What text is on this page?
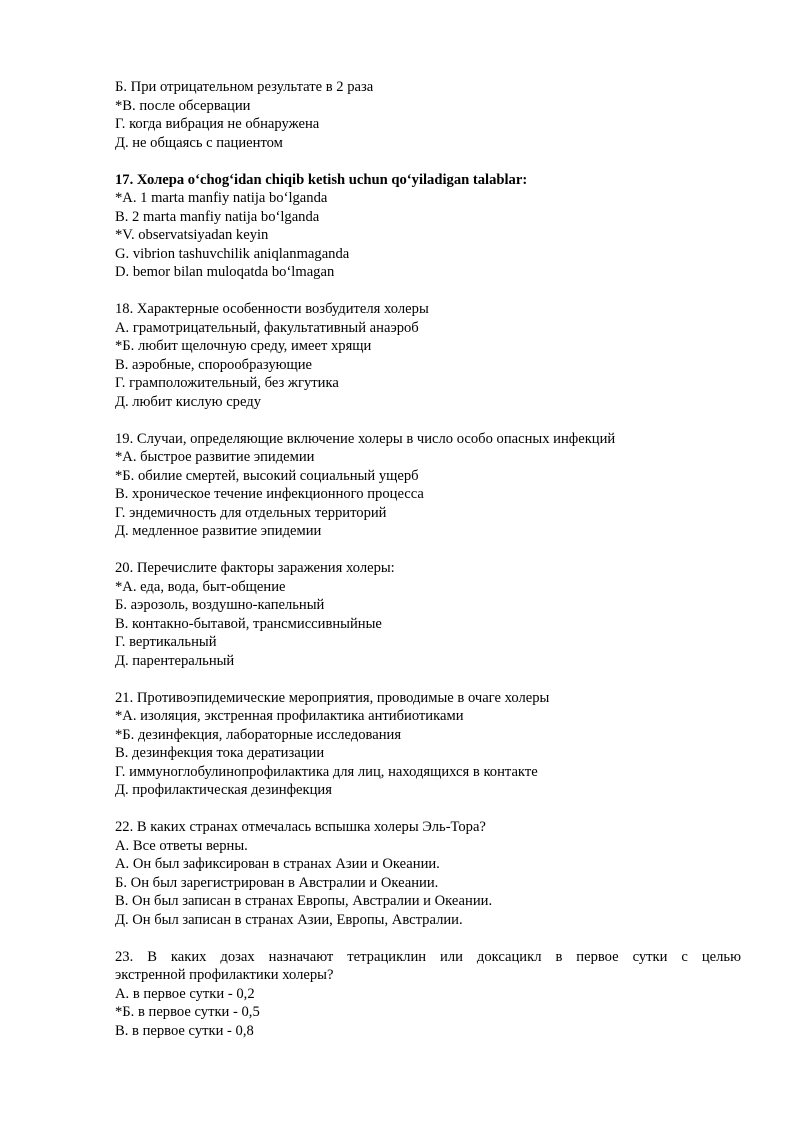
Б. При отрицательном результате в 2 раза
*В. после обсервации
Г. когда вибрация не обнаружена
Д. не общаясь с пациентом
17. Холера oʻchogʻidan chiqib ketish uchun qoʻyiladigan talablar:
*A. 1 marta manfiy natija boʻlganda
B. 2 marta manfiy natija boʻlganda
*V. observatsiyadan keyin
G. vibrion tashuvchilik aniqlanmaganda
D. bemor bilan muloqatda boʻlmagan
18. Характерные особенности возбудителя холеры
А. грамотрицательный, факультативный анаэроб
*Б. любит щелочную среду, имеет хрящи
В. аэробные, спорообразующие
Г. грамположительный, без жгутика
Д. любит кислую среду
19. Случаи, определяющие включение холеры в число особо опасных инфекций
*А. быстрое развитие эпидемии
*Б. обилие смертей, высокий социальный ущерб
В. хроническое течение инфекционного процесса
Г. эндемичность для отдельных территорий
Д. медленное развитие эпидемии
20. Перечислите факторы заражения холеры:
*А. еда, вода, быт-общение
Б. аэрозоль, воздушно-капельный
В. контакно-бытавой, трансмиссивныйные
Г. вертикальный
Д. парентеральный
21. Противоэпидемические мероприятия, проводимые в очаге холеры
*А. изоляция, экстренная профилактика антибиотиками
*Б. дезинфекция, лабораторные исследования
В. дезинфекция тока дератизации
Г. иммуноглобулинопрофилактика для лиц, находящихся в контакте
Д. профилактическая дезинфекция
22. В каких странах отмечалась вспышка холеры Эль-Тора?
А. Все ответы верны.
А. Он был зафиксирован в странах Азии и Океании.
Б. Он был зарегистрирован в Австралии и Океании.
В. Он был записан в странах Европы, Австралии и Океании.
Д. Он был записан в странах Азии, Европы, Австралии.
23. В каких дозах назначают тетрациклин или доксацикл в первое сутки с целью
экстренной профилактики холеры?
А. в первое сутки - 0,2
*Б. в первое сутки - 0,5
В. в первое сутки - 0,8
